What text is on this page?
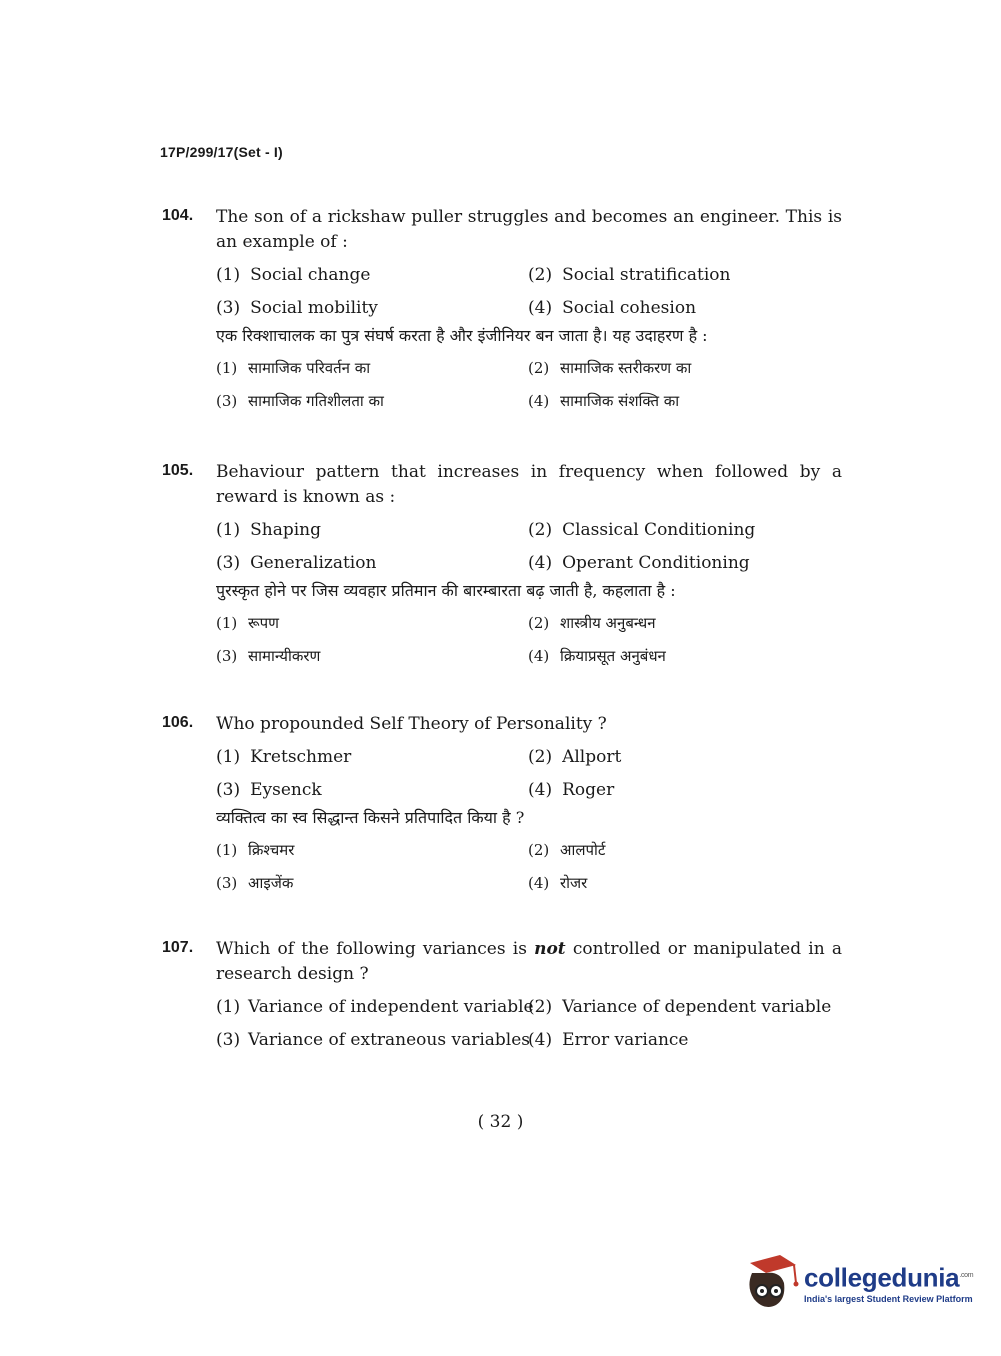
17P/299/17(Set - I)
104.	The son of a rickshaw puller struggles and becomes an engineer. This is an example of :
(1) Social change	(2) Social stratification
(3) Social mobility	(4) Social cohesion
एक रिक्शाचालक का पुत्र संघर्ष करता है और इंजीनियर बन जाता है। यह उदाहरण है :
(1) सामाजिक परिवर्तन का	(2) सामाजिक स्तरीकरण का
(3) सामाजिक गतिशीलता का	(4) सामाजिक संशक्ति का
105.	Behaviour pattern that increases in frequency when followed by a reward is known as :
(1) Shaping	(2) Classical Conditioning
(3) Generalization	(4) Operant Conditioning
पुरस्कृत होने पर जिस व्यवहार प्रतिमान की बारम्बारता बढ़ जाती है, कहलाता है :
(1) रूपण	(2) शास्त्रीय अनुबन्धन
(3) सामान्यीकरण	(4) क्रियाप्रसूत अनुबंधन
106.	Who propounded Self Theory of Personality ?
(1) Kretschmer	(2) Allport
(3) Eysenck	(4) Roger
व्यक्तित्व का स्व सिद्धान्त किसने प्रतिपादित किया है ?
(1) क्रिश्चमर	(2) आलपोर्ट
(3) आइजेंक	(4) रोजर
107.	Which of the following variances is not controlled or manipulated in a research design ?
(1) Variance of independent variable
(2) Variance of dependent variable
(3) Variance of extraneous variables
(4) Error variance
( 32 )
collegedunia$^{.com}$
India's largest Student Review Platform
